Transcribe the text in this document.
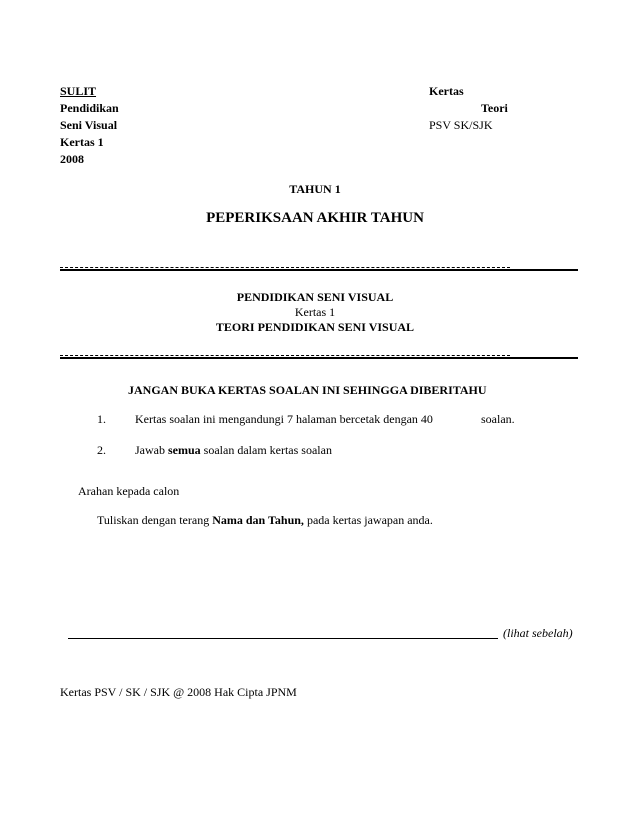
SULIT
Pendidikan
Seni Visual
Kertas 1
2008
Kertas
Teori
PSV SK/SJK
TAHUN 1
PEPERIKSAAN AKHIR TAHUN
PENDIDIKAN SENI VISUAL
Kertas 1
TEORI PENDIDIKAN SENI VISUAL
JANGAN BUKA KERTAS SOALAN INI SEHINGGA DIBERITAHU
1. Kertas soalan ini mengandungi 7 halaman bercetak dengan 40	soalan.
2. Jawab semua soalan dalam kertas soalan
Arahan kepada calon
Tuliskan dengan terang Nama dan Tahun, pada kertas jawapan anda.
(lihat sebelah)
Kertas PSV / SK / SJK @ 2008 Hak Cipta JPNM
